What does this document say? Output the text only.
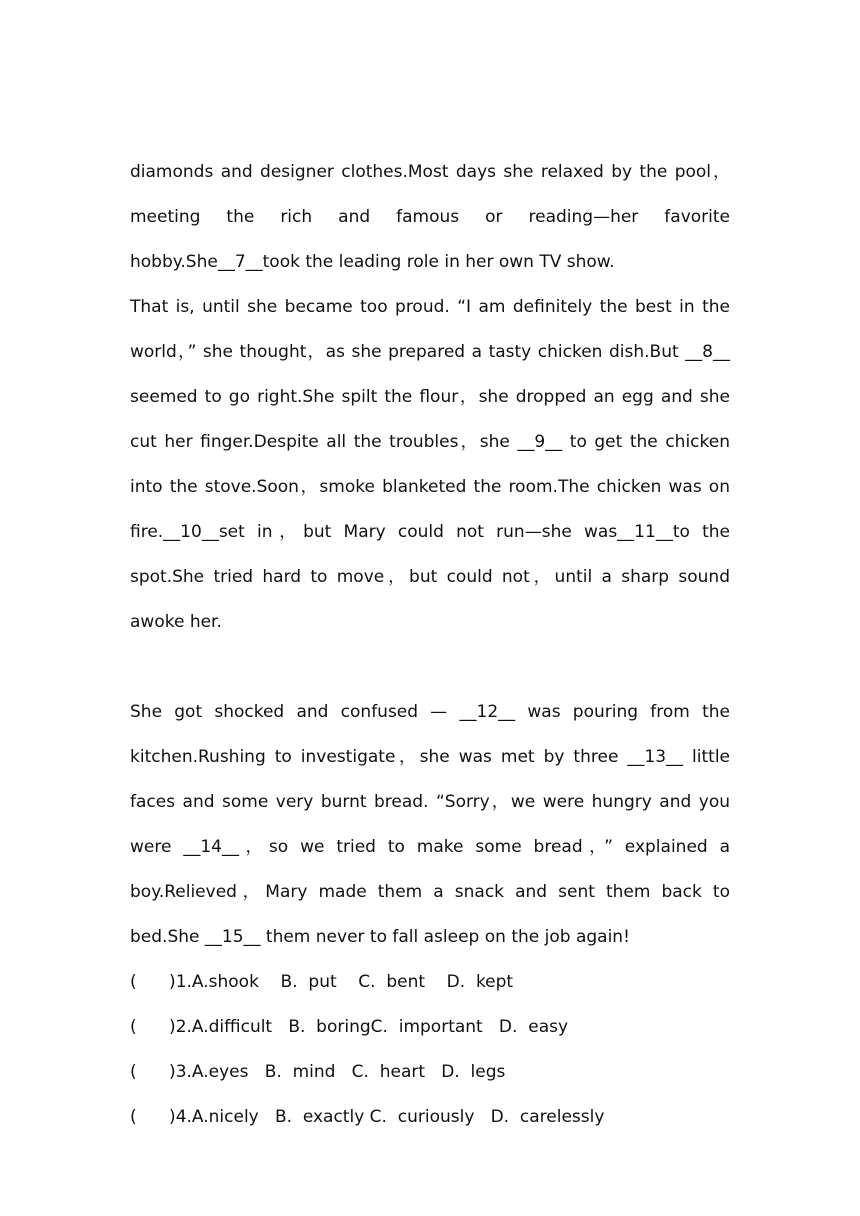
diamonds and designer clothes.Most days she relaxed by the pool，meeting the rich and famous or reading—her favorite hobby.She__7__took the leading role in her own TV show.

That is, until she became too proud. “I am definitely the best in the world，” she thought，as she prepared a tasty chicken dish.But __8__ seemed to go right.She spilt the flour，she dropped an egg and she cut her finger.Despite all the troubles，she __9__ to get the chicken into the stove.Soon，smoke blanketed the room.The chicken was on fire.__10__set in，but Mary could not run—she was__11__to the spot.She tried hard to move，but could not，until a sharp sound awoke her.

She got shocked and confused — __12__ was pouring from the kitchen.Rushing to investigate，she was met by three __13__ little faces and some very burnt bread. “Sorry，we were hungry and you were __14__，so we tried to make some bread，” explained a boy.Relieved，Mary made them a snack and sent them back to bed.She __15__ them never to fall asleep on the job again!

(      )1.A.shook    B.  put    C.  bent    D.  kept
(      )2.A.difficult   B.  boringC.  important   D.  easy
(      )3.A.eyes   B.  mind   C.  heart   D.  legs
(      )4.A.nicely   B.  exactly C.  curiously   D.  carelessly
